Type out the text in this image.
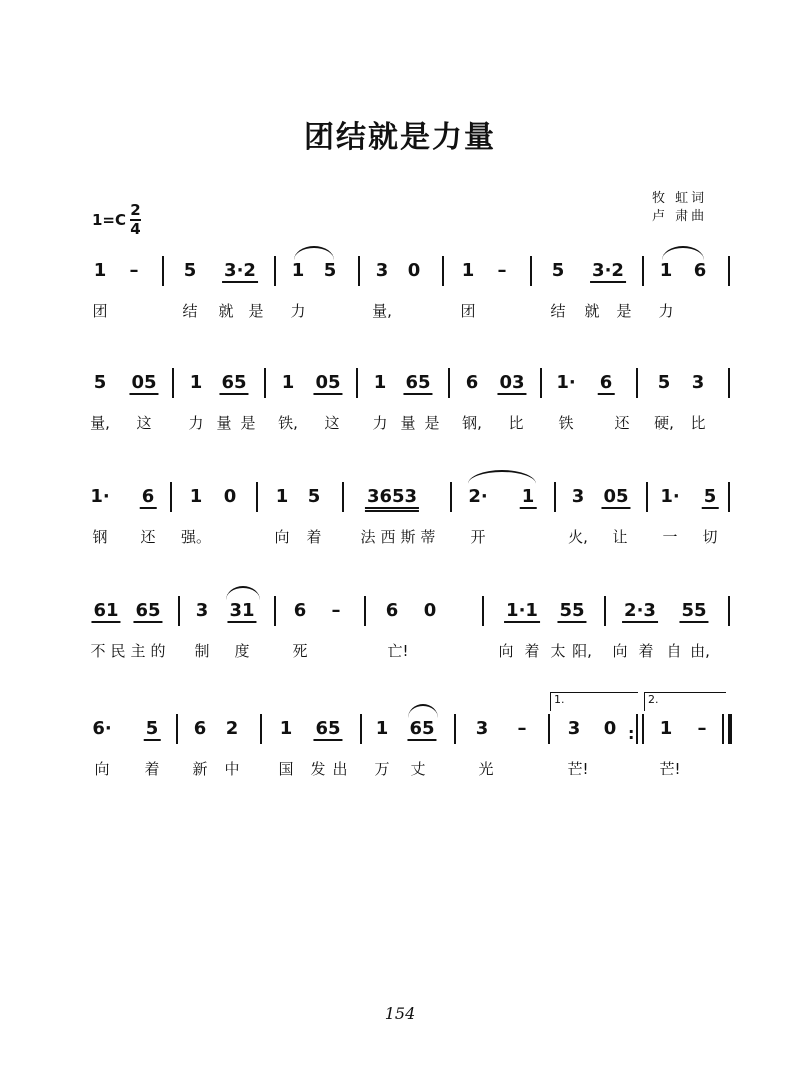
团结就是力量
$1=C \frac{2}{4}$
牧 虹词
卢 肃曲
1 –	5 3·2 1 5 3 0 1 –	5 3·2 1 6
团	结 就 是 力	量,	团	结 就 是 力
5 05 1 65 1 05 1 65 6 03 1· 6	5 3
量, 这 力 量 是 铁, 这 力 量 是 钢, 比 铁	还 硬, 比
1· 6 1 0 1 5	3653	2· 1 3 05 1· 5
钢 还 强。	向 着	法 西 斯 蒂 开	火, 让 一 切
61 65 3 31 6 –	6 0	1·1 55 2·3 55
不 民 主 的 制 度	死	亡!	向 着 太 阳, 向 着 自 由,
6· 5 6 2 1 65 1 65 3 –
1.
3 0 :
2.
1 –
向 着 新 中	国 发 出 万 丈	光	芒!	芒!
154
